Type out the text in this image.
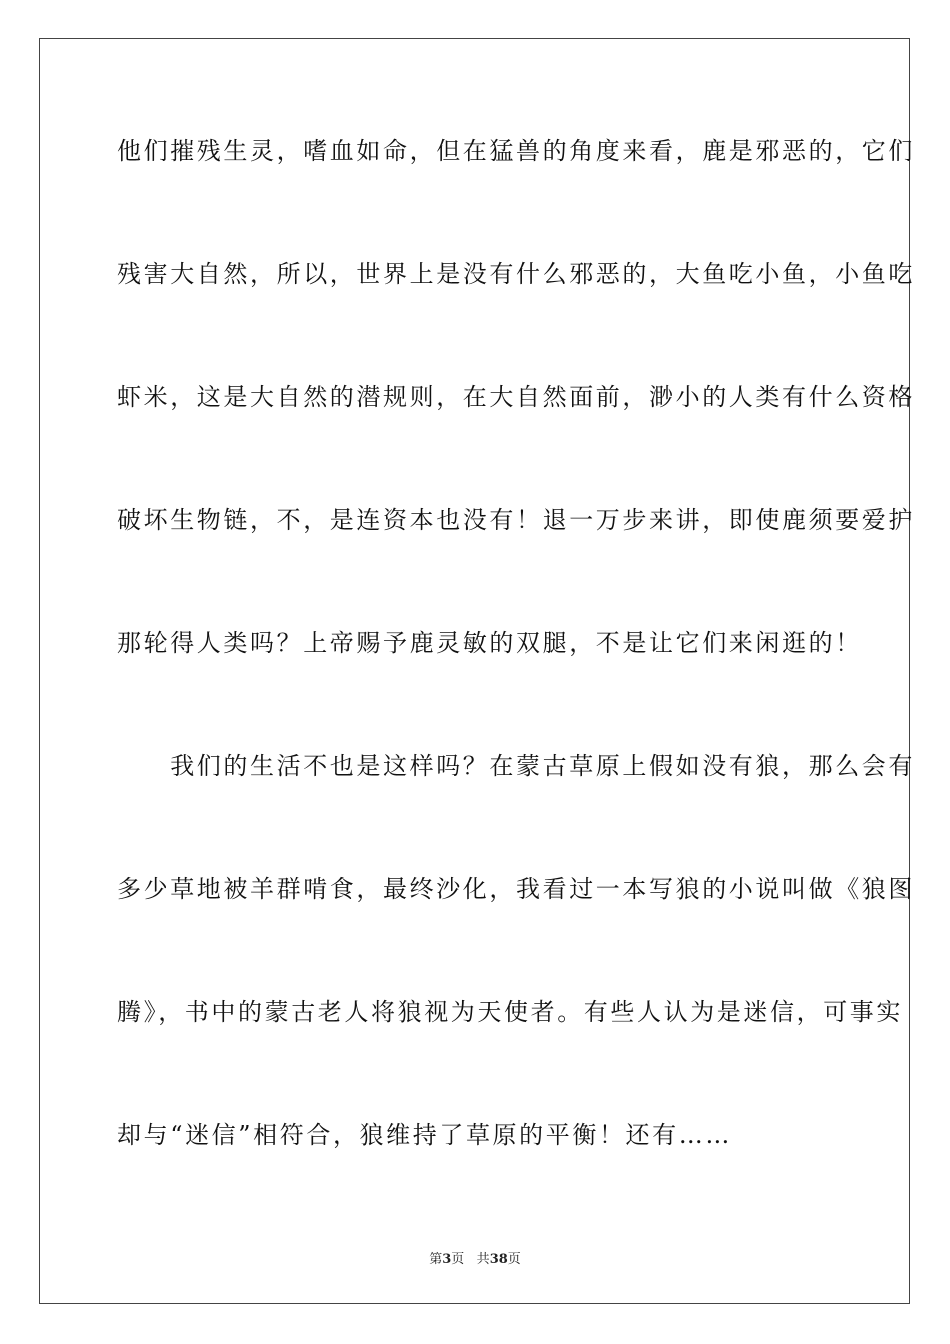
他们摧残生灵，嗜血如命，但在猛兽的角度来看，鹿是邪恶的，它们
残害大自然，所以，世界上是没有什么邪恶的，大鱼吃小鱼，小鱼吃
虾米，这是大自然的潜规则，在大自然面前，渺小的人类有什么资格
破坏生物链，不，是连资本也没有！退一万步来讲，即使鹿须要爱护
那轮得人类吗？上帝赐予鹿灵敏的双腿，不是让它们来闲逛的！
　　我们的生活不也是这样吗？在蒙古草原上假如没有狼，那么会有
多少草地被羊群啃食，最终沙化，我看过一本写狼的小说叫做《狼图
腾》，书中的蒙古老人将狼视为天使者。有些人认为是迷信，可事实
却与“迷信”相符合，狼维持了草原的平衡！还有……
第3页 共38页
